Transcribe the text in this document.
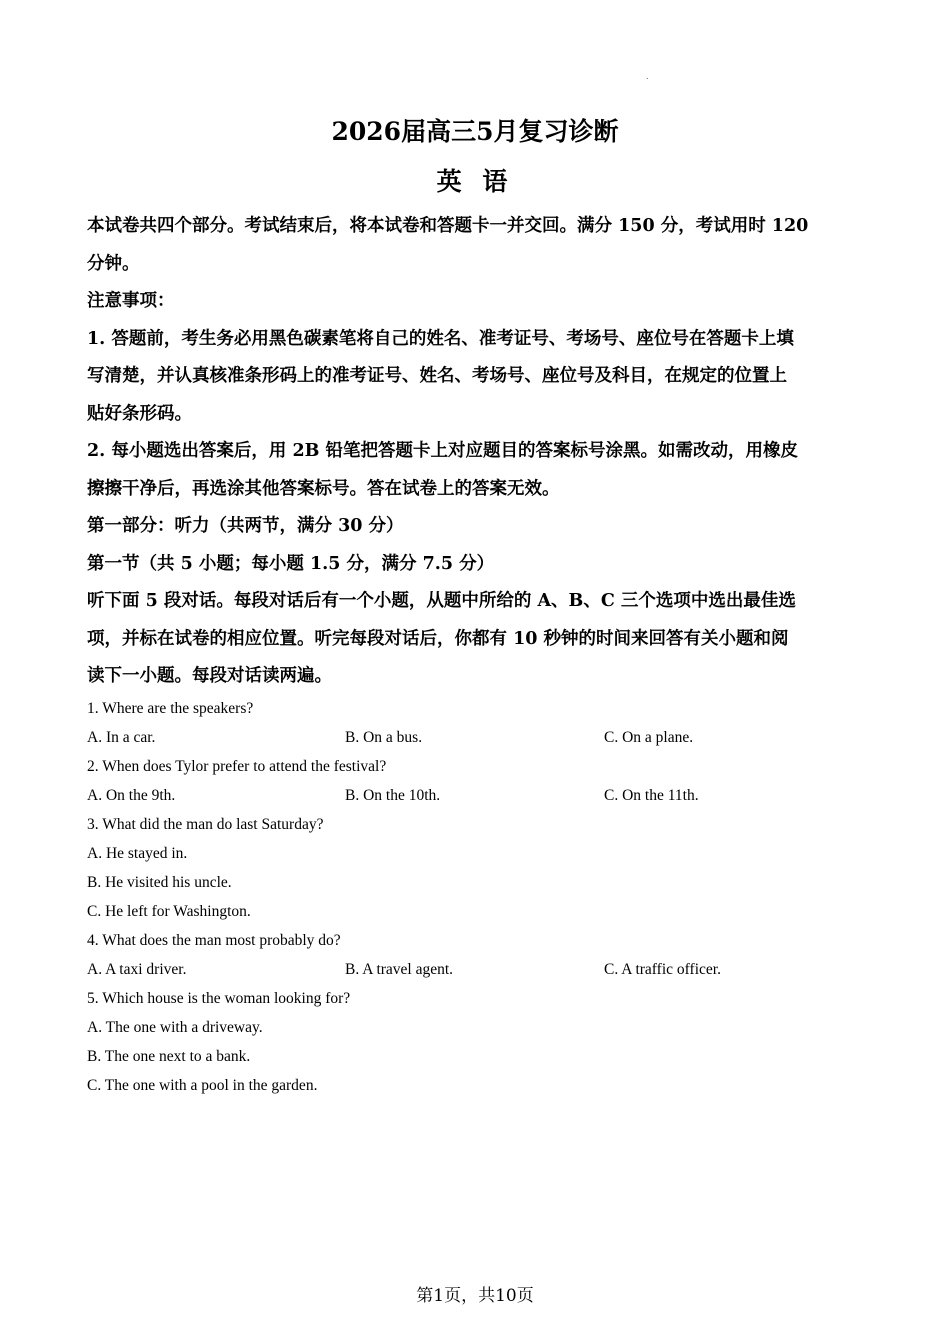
.
2026届高三5月复习诊断
英 语

本试卷共四个部分。考试结束后，将本试卷和答题卡一并交回。满分 150 分，考试用时 120

分钟。

注意事项：

1. 答题前，考生务必用黑色碳素笔将自己的姓名、准考证号、考场号、座位号在答题卡上填

写清楚，并认真核准条形码上的准考证号、姓名、考场号、座位号及科目，在规定的位置上

贴好条形码。

2. 每小题选出答案后，用 2B 铅笔把答题卡上对应题目的答案标号涂黑。如需改动，用橡皮

擦擦干净后，再选涂其他答案标号。答在试卷上的答案无效。

第一部分：听力（共两节，满分 30 分）

第一节（共 5 小题；每小题 1.5 分，满分 7.5 分）

听下面 5 段对话。每段对话后有一个小题，从题中所给的 A、B、C 三个选项中选出最佳选

项，并标在试卷的相应位置。听完每段对话后，你都有 10 秒钟的时间来回答有关小题和阅

读下一小题。每段对话读两遍。

1. Where are the speakers?
A. In a car.	B. On a bus.	C. On a plane.
2. When does Tylor prefer to attend the festival?
A. On the 9th.	B. On the 10th.	C. On the 11th.
3. What did the man do last Saturday?
A. He stayed in.
B. He visited his uncle.
C. He left for Washington.
4. What does the man most probably do?
A. A taxi driver.	B. A travel agent.	C. A traffic officer.
5. Which house is the woman looking for?
A. The one with a driveway.
B. The one next to a bank.
C. The one with a pool in the garden.
第1页，共10页
